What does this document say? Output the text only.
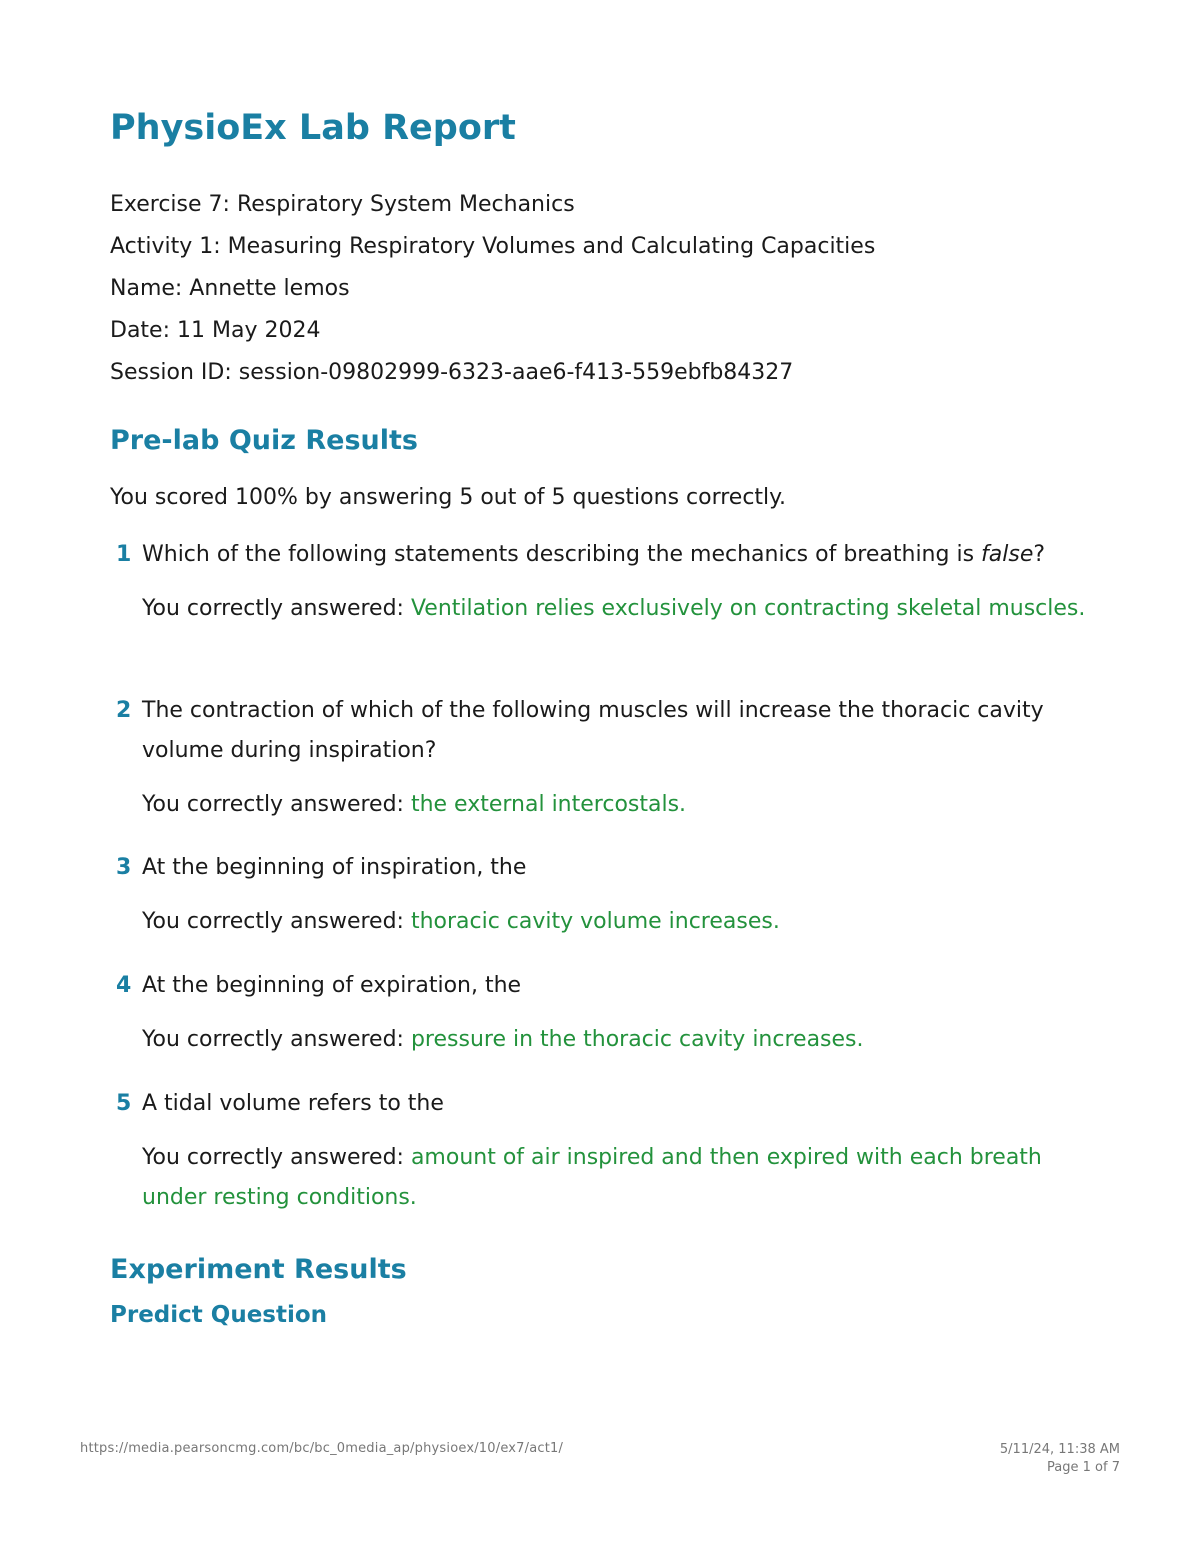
PhysioEx Lab Report
Exercise 7: Respiratory System Mechanics
Activity 1: Measuring Respiratory Volumes and Calculating Capacities
Name: Annette lemos
Date: 11 May 2024
Session ID: session-09802999-6323-aae6-f413-559ebfb84327
Pre-lab Quiz Results
You scored 100% by answering 5 out of 5 questions correctly.
1 Which of the following statements describing the mechanics of breathing is false?
You correctly answered: Ventilation relies exclusively on contracting skeletal muscles.
2 The contraction of which of the following muscles will increase the thoracic cavity volume during inspiration?
You correctly answered: the external intercostals.
3 At the beginning of inspiration, the
You correctly answered: thoracic cavity volume increases.
4 At the beginning of expiration, the
You correctly answered: pressure in the thoracic cavity increases.
5 A tidal volume refers to the
You correctly answered: amount of air inspired and then expired with each breath under resting conditions.
Experiment Results
Predict Question
https://media.pearsoncmg.com/bc/bc_0media_ap/physioex/10/ex7/act1/	5/11/24, 11:38 AM
Page 1 of 7
